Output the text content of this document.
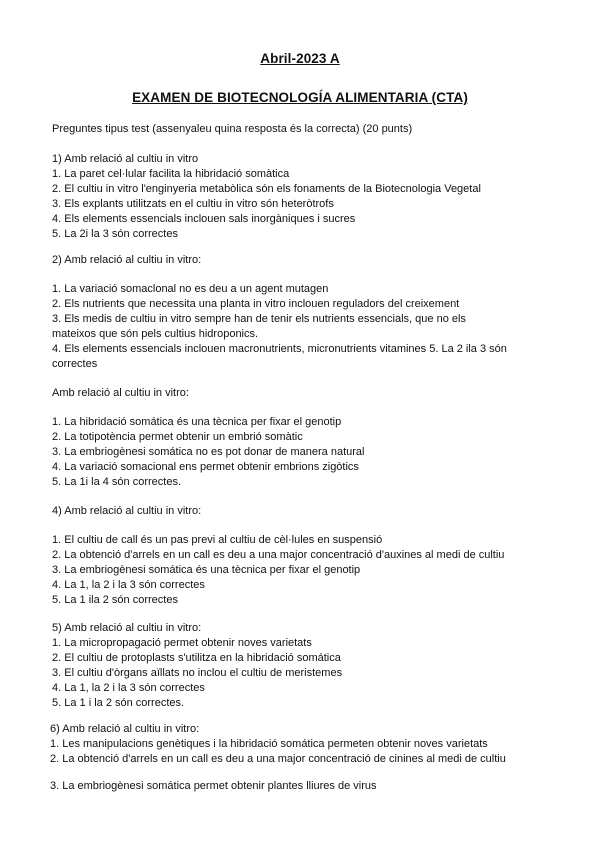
Abril-2023 A
EXAMEN DE BIOTECNOLOGÍA ALIMENTARIA (CTA)
Preguntes tipus test (assenyaleu quina resposta és la correcta) (20 punts)
1) Amb relació al cultiu in vitro
1. La paret cel·lular facilita la hibridació somàtica
2. El cultiu in vitro l'enginyeria metabòlica són els fonaments de la Biotecnologia Vegetal
3. Els explants utilitzats en el cultiu in vitro són heteròtrofs
4. Els elements essencials inclouen sals inorgàniques i sucres
5. La 2i la 3 són correctes
2) Amb relació al cultiu in vitro:
1. La variació somaclonal no es deu a un agent mutagen
2. Els nutrients que necessita una planta in vitro inclouen reguladors del creixement
3. Els medis de cultiu in vitro sempre han de tenir els nutrients essencials, que no els mateixos que són pels cultius hidroponics.
4. Els elements essencials inclouen macronutrients, micronutrients vitamines 5. La 2 ila 3 són correctes
Amb relació al cultiu in vitro:
1. La hibridació somática és una tècnica per fixar el genotip
2. La totipotència permet obtenir un embrió somàtic
3. La embriogènesi somática no es pot donar de manera natural
4. La variació somacional ens permet obtenir embrions zigòtics
5. La 1i la 4 són correctes.
4) Amb relació al cultiu in vitro:
1. El cultiu de call és un pas previ al cultiu de cèl·lules en suspensió
2. La obtenció d'arrels en un call es deu a una major concentració d'auxines al medi de cultiu
3. La embriogènesi somática és una tècnica per fixar el genotip
4. La 1, la 2 i la 3 són correctes
5. La 1 ila 2 són correctes
5) Amb relació al cultiu in vitro:
1. La micropropagació permet obtenir noves varietats
2. El cultiu de protoplasts s'utilitza en la hibridació somática
3. El cultiu d'òrgans aïllats no inclou el cultiu de meristemes
4. La 1, la 2 i la 3 són correctes
5. La 1 i la 2 són correctes.
6) Amb relació al cultiu in vitro:
1. Les manipulacions genètiques i la hibridació somática permeten obtenir noves varietats
2. La obtenció d'arrels en un call es deu a una major concentració de cinines al medi de cultiu
3. La embriogènesi somática permet obtenir plantes lliures de virus
